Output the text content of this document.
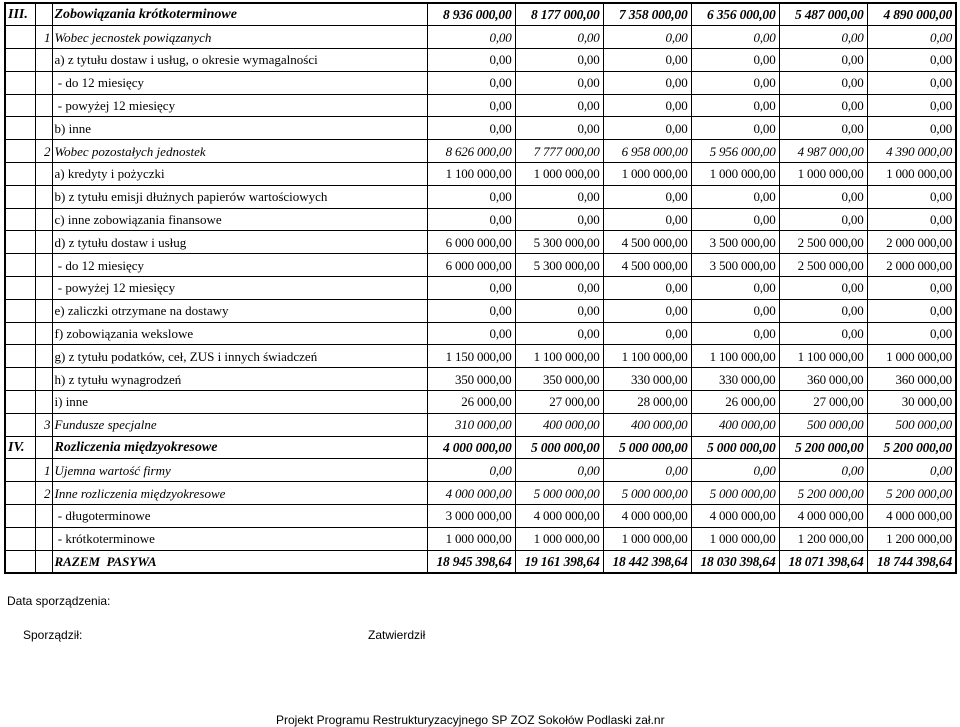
III.		Zobowiązania krótkoterminowe	8 936 000,00	8 177 000,00	7 358 000,00	6 356 000,00	5 487 000,00	4 890 000,00
	1	Wobec jecnostek powiązanych	0,00	0,00	0,00	0,00	0,00	0,00
		a) z tytułu dostaw i usług, o okresie wymagalności	0,00	0,00	0,00	0,00	0,00	0,00
		- do 12 miesięcy	0,00	0,00	0,00	0,00	0,00	0,00
		- powyżej 12 miesięcy	0,00	0,00	0,00	0,00	0,00	0,00
		b) inne	0,00	0,00	0,00	0,00	0,00	0,00
	2	Wobec pozostałych jednostek	8 626 000,00	7 777 000,00	6 958 000,00	5 956 000,00	4 987 000,00	4 390 000,00
		a) kredyty i pożyczki	1 100 000,00	1 000 000,00	1 000 000,00	1 000 000,00	1 000 000,00	1 000 000,00
		b) z tytułu emisji dłużnych papierów wartościowych	0,00	0,00	0,00	0,00	0,00	0,00
		c) inne zobowiązania finansowe	0,00	0,00	0,00	0,00	0,00	0,00
		d) z tytułu dostaw i usług	6 000 000,00	5 300 000,00	4 500 000,00	3 500 000,00	2 500 000,00	2 000 000,00
		- do 12 miesięcy	6 000 000,00	5 300 000,00	4 500 000,00	3 500 000,00	2 500 000,00	2 000 000,00
		- powyżej 12 miesięcy	0,00	0,00	0,00	0,00	0,00	0,00
		e) zaliczki otrzymane na dostawy	0,00	0,00	0,00	0,00	0,00	0,00
		f) zobowiązania wekslowe	0,00	0,00	0,00	0,00	0,00	0,00
		g) z tytułu podatków, ceł, ZUS i innych świadczeń	1 150 000,00	1 100 000,00	1 100 000,00	1 100 000,00	1 100 000,00	1 000 000,00
		h) z tytułu wynagrodzeń	350 000,00	350 000,00	330 000,00	330 000,00	360 000,00	360 000,00
		i) inne	26 000,00	27 000,00	28 000,00	26 000,00	27 000,00	30 000,00
	3	Fundusze specjalne	310 000,00	400 000,00	400 000,00	400 000,00	500 000,00	500 000,00
IV.		Rozliczenia międzyokresowe	4 000 000,00	5 000 000,00	5 000 000,00	5 000 000,00	5 200 000,00	5 200 000,00
	1	Ujemna wartość firmy	0,00	0,00	0,00	0,00	0,00	0,00
	2	Inne rozliczenia międzyokresowe	4 000 000,00	5 000 000,00	5 000 000,00	5 000 000,00	5 200 000,00	5 200 000,00
		- długoterminowe	3 000 000,00	4 000 000,00	4 000 000,00	4 000 000,00	4 000 000,00	4 000 000,00
		- krótkoterminowe	1 000 000,00	1 000 000,00	1 000 000,00	1 000 000,00	1 200 000,00	1 200 000,00
		RAZEM  PASYWA	18 945 398,64	19 161 398,64	18 442 398,64	18 030 398,64	18 071 398,64	18 744 398,64
Data sporządzenia:
Sporządził:	Zatwierdził
Projekt Programu Restrukturyzacyjnego SP ZOZ Sokołów Podlaski zał.nr
